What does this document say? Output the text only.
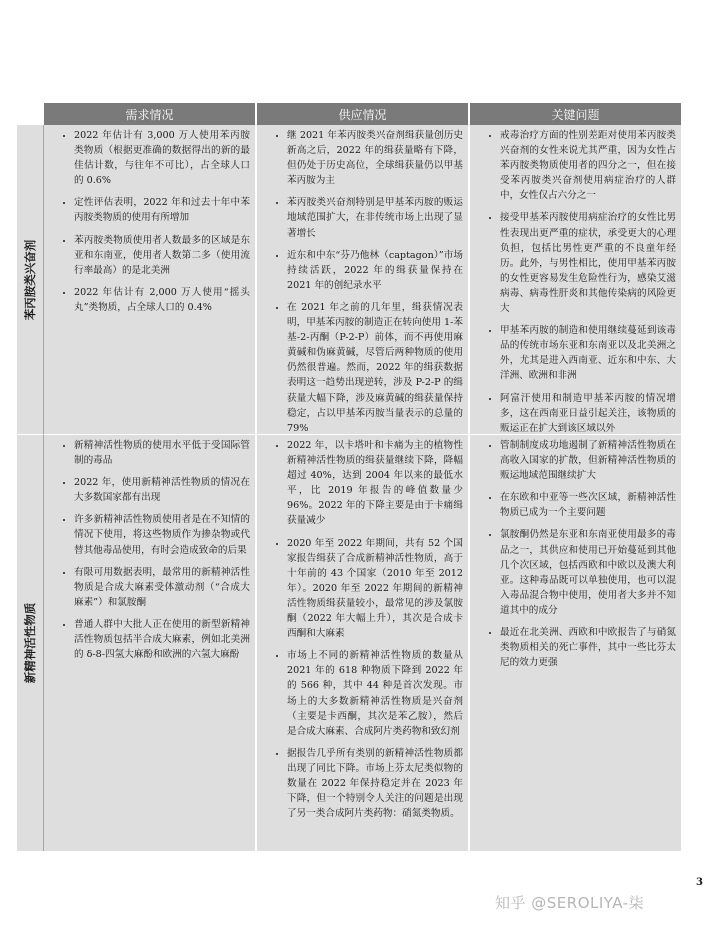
需求情况	供应情况	关键问题
苯丙胺类兴奋剂
• 2022 年估计有 3,000 万人使用苯丙胺类物质（根据更准确的数据得出的新的最佳估计数，与往年不可比），占全球人口的 0.6%
• 定性评估表明，2022 年和过去十年中苯丙胺类物质的使用有所增加
• 苯丙胺类物质使用者人数最多的区域是东亚和东南亚，使用者人数第二多（使用流行率最高）的是北美洲
• 2022 年估计有 2,000 万人使用“摇头丸”类物质，占全球人口的 0.4%
• 继 2021 年苯丙胺类兴奋剂缉获量创历史新高之后，2022 年的缉获量略有下降，但仍处于历史高位，全球缉获量仍以甲基苯丙胺为主
• 苯丙胺类兴奋剂特别是甲基苯丙胺的贩运地域范围扩大，在非传统市场上出现了显著增长
• 近东和中东“芬乃他林（captagon）”市场持续活跃，2022 年的缉获量保持在 2021 年的创纪录水平
• 在 2021 年之前的几年里，缉获情况表明，甲基苯丙胺的制造正在转向使用 1-苯基-2-丙酮（P-2-P）前体，而不再使用麻黄碱和伪麻黄碱，尽管后两种物质的使用仍然很普遍。然而，2022 年的缉获数据表明这一趋势出现逆转，涉及 P-2-P 的缉获量大幅下降，涉及麻黄碱的缉获量保持稳定，占以甲基苯丙胺当量表示的总量的 79%
• 戒毒治疗方面的性别差距对使用苯丙胺类兴奋剂的女性来说尤其严重，因为女性占苯丙胺类物质使用者的四分之一，但在接受苯丙胺类兴奋剂使用病症治疗的人群中，女性仅占六分之一
• 接受甲基苯丙胺使用病症治疗的女性比男性表现出更严重的症状，承受更大的心理负担，包括比男性更严重的不良童年经历。此外，与男性相比，使用甲基苯丙胺的女性更容易发生危险性行为，感染艾滋病毒、病毒性肝炎和其他传染病的风险更大
• 甲基苯丙胺的制造和使用继续蔓延到该毒品的传统市场东亚和东南亚以及北美洲之外，尤其是进入西南亚、近东和中东、大洋洲、欧洲和非洲
• 阿富汗使用和制造甲基苯丙胺的情况增多，这在西南亚日益引起关注，该物质的贩运正在扩大到该区域以外
新精神活性物质
• 新精神活性物质的使用水平低于受国际管制的毒品
• 2022 年，使用新精神活性物质的情况在大多数国家都有出现
• 许多新精神活性物质使用者是在不知情的情况下使用，将这些物质作为掺杂物或代替其他毒品使用，有时会造成致命的后果
• 有限可用数据表明，最常用的新精神活性物质是合成大麻素受体激动剂（“合成大麻素”）和氯胺酮
• 普通人群中大批人正在使用的新型新精神活性物质包括半合成大麻素，例如北美洲的 δ-8-四氢大麻酚和欧洲的六氢大麻酚
• 2022 年，以卡塔叶和卡痛为主的植物性新精神活性物质的缉获量继续下降，降幅超过 40%，达到 2004 年以来的最低水平，比 2019 年报告的峰值数量少 96%。2022 年的下降主要是由于卡痛缉获量减少
• 2020 年至 2022 年期间，共有 52 个国家报告缉获了合成新精神活性物质，高于十年前的 43 个国家（2010 年至 2012 年）。2020 年至 2022 年期间的新精神活性物质缉获量较小，最常见的涉及氯胺酮（2022 年大幅上升），其次是合成卡西酮和大麻素
• 市场上不同的新精神活性物质的数量从 2021 年的 618 种物质下降到 2022 年的 566 种，其中 44 种是首次发现。市场上的大多数新精神活性物质是兴奋剂（主要是卡西酮，其次是苯乙胺），然后是合成大麻素、合成阿片类药物和致幻剂
• 据报告几乎所有类别的新精神活性物质都出现了同比下降。市场上芬太尼类似物的数量在 2022 年保持稳定并在 2023 年下降，但一个特别令人关注的问题是出现了另一类合成阿片类药物：硝氮类物质。
• 管制制度成功地遏制了新精神活性物质在高收入国家的扩散，但新精神活性物质的贩运地域范围继续扩大
• 在东欧和中亚等一些次区域，新精神活性物质已成为一个主要问题
• 氯胺酮仍然是东亚和东南亚使用最多的毒品之一，其供应和使用已开始蔓延到其他几个次区域，包括西欧和中欧以及澳大利亚。这种毒品既可以单独使用，也可以混入毒品混合物中使用，使用者大多并不知道其中的成分
• 最近在北美洲、西欧和中欧报告了与硝氮类物质相关的死亡事件，其中一些比芬太尼的效力更强
3
知乎 @SEROLIYA-柒
